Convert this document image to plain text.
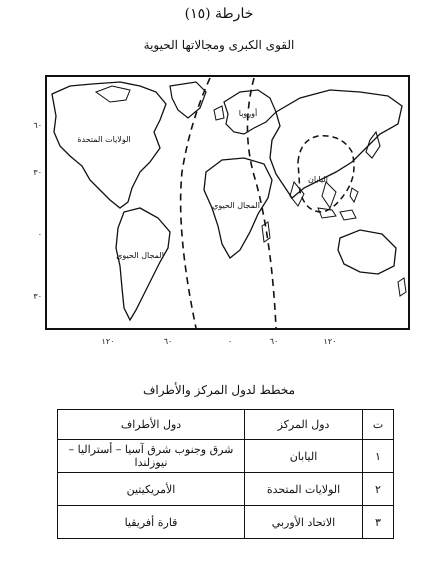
خارطة (١٥)
القوى الكبرى ومجالاتها الحيوية
الولايات المتحدة
المجال الحيوي
المجال الحيوي
أوروبا
اليابان
٦٠
٣٠
٠
٣٠
١٢٠	٦٠	٠	٦٠	١٢٠
مخطط لدول المركز والأطراف
ت	دول المركز	دول الأطراف
١	اليابان	شرق وجنوب شرق آسيا – أستراليا – نيوزلندا
٢	الولايات المتحدة	الأمريكيتين
٣	الاتحاد الأوربي	قارة أفريقيا
